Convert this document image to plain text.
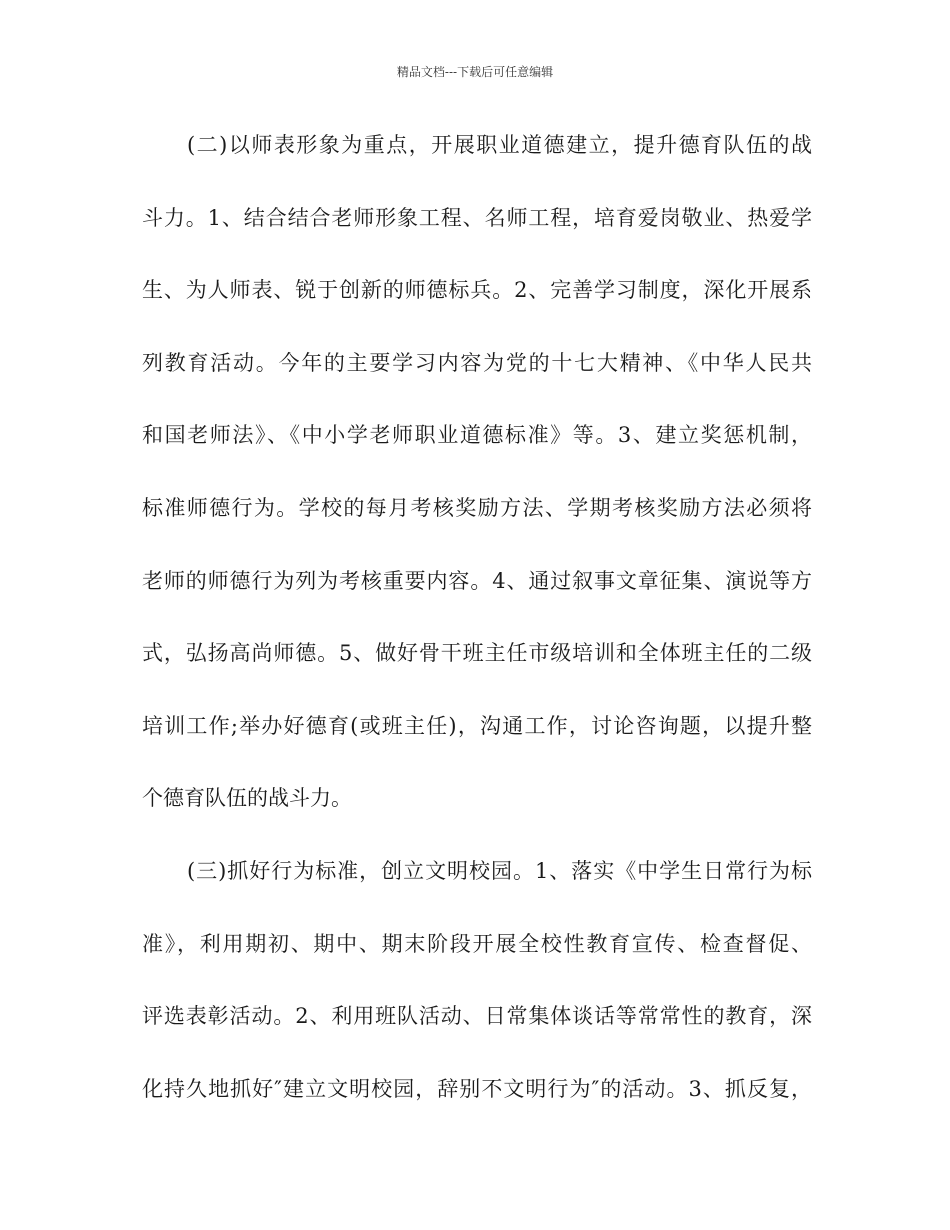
精品文档---下载后可任意编辑
(二)以师表形象为重点，开展职业道德建立，提升德育队伍的战
斗力。1、结合结合老师形象工程、名师工程，培育爱岗敬业、热爱学
生、为人师表、锐于创新的师德标兵。2、完善学习制度，深化开展系
列教育活动。今年的主要学习内容为党的十七大精神、《中华人民共
和国老师法》、《中小学老师职业道德标准》等。3、建立奖惩机制，
标准师德行为。学校的每月考核奖励方法、学期考核奖励方法必须将
老师的师德行为列为考核重要内容。4、通过叙事文章征集、演说等方
式，弘扬高尚师德。5、做好骨干班主任市级培训和全体班主任的二级
培训工作;举办好德育(或班主任)，沟通工作，讨论咨询题，以提升整
个德育队伍的战斗力。
(三)抓好行为标准，创立文明校园。1、落实《中学生日常行为标
准》，利用期初、期中、期末阶段开展全校性教育宣传、检查督促、
评选表彰活动。2、利用班队活动、日常集体谈话等常常性的教育，深
化持久地抓好″建立文明校园，辞别不文明行为″的活动。3、抓反复，
